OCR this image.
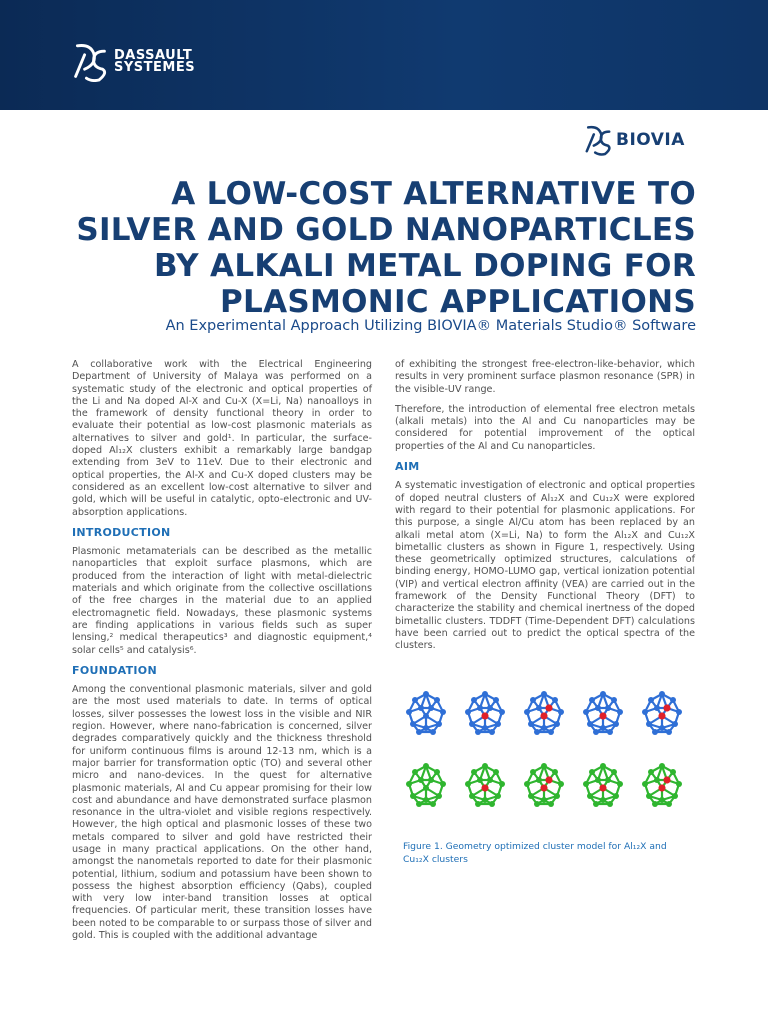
DASSAULT
SYSTEMES
BIOVIA
A LOW-COST ALTERNATIVE TO
SILVER AND GOLD NANOPARTICLES
BY ALKALI METAL DOPING FOR
PLASMONIC APPLICATIONS
An Experimental Approach Utilizing BIOVIA® Materials Studio® Software

A collaborative work with the Electrical Engineering Department of University of Malaya was performed on a systematic study of the electronic and optical properties of the Li and Na doped Al-X and Cu-X (X=Li, Na) nanoalloys in the framework of density functional theory in order to evaluate their potential as low-cost plasmonic materials as alternatives to silver and gold¹. In particular, the surface-doped Al₁₂X clusters exhibit a remarkably large bandgap extending from 3eV to 11eV. Due to their electronic and optical properties, the Al-X and Cu-X doped clusters may be considered as an excellent low-cost alternative to silver and gold, which will be useful in catalytic, opto-electronic and UV-absorption applications.

INTRODUCTION

Plasmonic metamaterials can be described as the metallic nanoparticles that exploit surface plasmons, which are produced from the interaction of light with metal-dielectric materials and which originate from the collective oscillations of the free charges in the material due to an applied electromagnetic field. Nowadays, these plasmonic systems are finding applications in various fields such as super lensing,² medical therapeutics³ and diagnostic equipment,⁴ solar cells⁵ and catalysis⁶.

FOUNDATION

Among the conventional plasmonic materials, silver and gold are the most used materials to date. In terms of optical losses, silver possesses the lowest loss in the visible and NIR region. However, where nano-fabrication is concerned, silver degrades comparatively quickly and the thickness threshold for uniform continuous films is around 12-13 nm, which is a major barrier for transformation optic (TO) and several other micro and nano-devices. In the quest for alternative plasmonic materials, Al and Cu appear promising for their low cost and abundance and have demonstrated surface plasmon resonance in the ultra-violet and visible regions respectively. However, the high optical and plasmonic losses of these two metals compared to silver and gold have restricted their usage in many practical applications. On the other hand, amongst the nanometals reported to date for their plasmonic potential, lithium, sodium and potassium have been shown to possess the highest absorption efficiency (Qabs), coupled with very low inter-band transition losses at optical frequencies. Of particular merit, these transition losses have been noted to be comparable to or surpass those of silver and gold. This is coupled with the additional advantage

of exhibiting the strongest free-electron-like-behavior, which results in very prominent surface plasmon resonance (SPR) in the visible-UV range.

Therefore, the introduction of elemental free electron metals (alkali metals) into the Al and Cu nanoparticles may be considered for potential improvement of the optical properties of the Al and Cu nanoparticles.

AIM

A systematic investigation of electronic and optical properties of doped neutral clusters of Al₁₂X and Cu₁₂X were explored with regard to their potential for plasmonic applications. For this purpose, a single Al/Cu atom has been replaced by an alkali metal atom (X=Li, Na) to form the Al₁₂X and Cu₁₂X bimetallic clusters as shown in Figure 1, respectively. Using these geometrically optimized structures, calculations of binding energy, HOMO-LUMO gap, vertical ionization potential (VIP) and vertical electron affinity (VEA) are carried out in the framework of the Density Functional Theory (DFT) to characterize the stability and chemical inertness of the doped bimetallic clusters. TDDFT (Time-Dependent DFT) calculations have been carried out to predict the optical spectra of the clusters.

Figure 1. Geometry optimized cluster model for Al₁₂X and Cu₁₂X clusters
